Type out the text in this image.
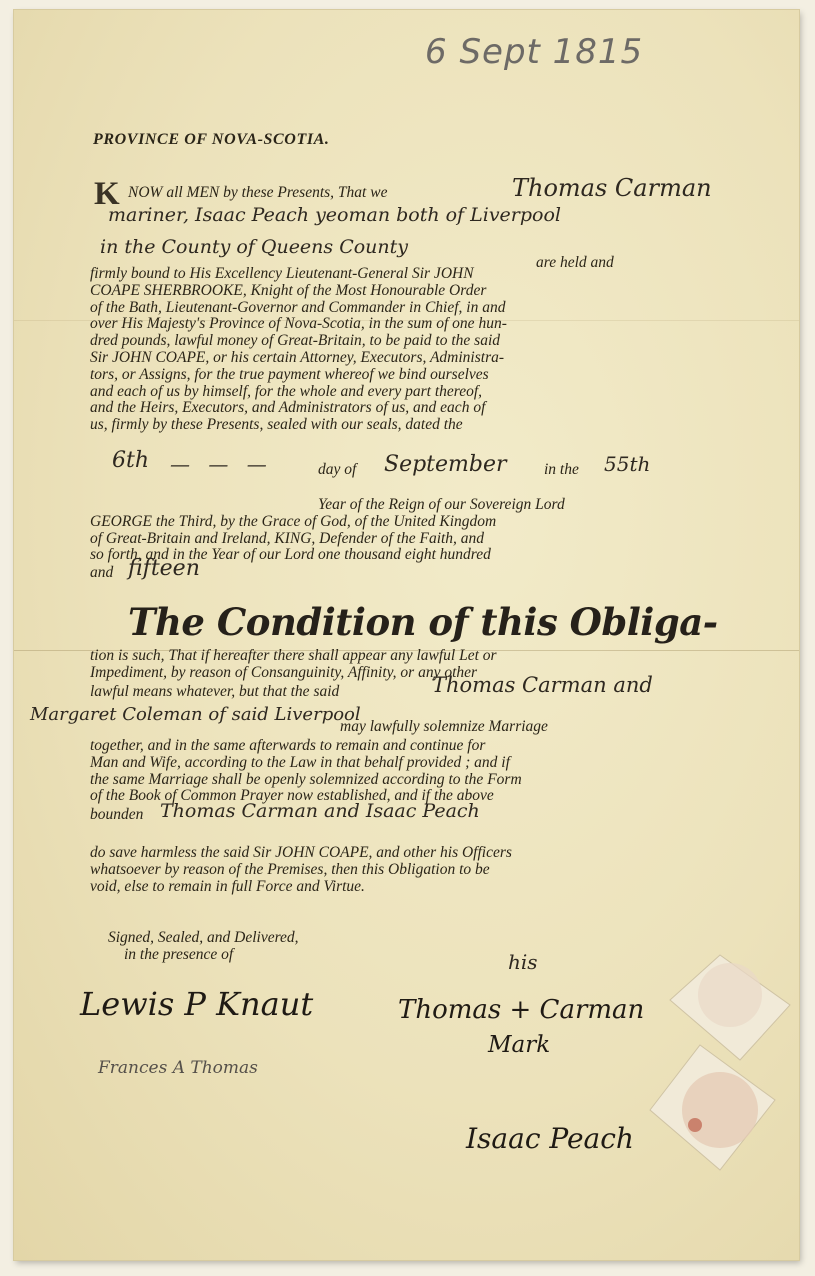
6 Sept 1815
PROVINCE OF NOVA-SCOTIA.
K NOW all MEN by these Presents, That we	Thomas Carman
mariner, Isaac Peach yeoman both of Liverpool
in the County of Queens County
are held and
firmly bound to His Excellency Lieutenant-General Sir JOHN
COAPE SHERBROOKE, Knight of the Most Honourable Order
of the Bath, Lieutenant-Governor and Commander in Chief, in and
over His Majesty's Province of Nova-Scotia, in the sum of one hun-
dred pounds, lawful money of Great-Britain, to be paid to the said
Sir JOHN COAPE, or his certain Attorney, Executors, Administra-
tors, or Assigns, for the true payment whereof we bind ourselves
and each of us by himself, for the whole and every part thereof,
and the Heirs, Executors, and Administrators of us, and each of
us, firmly by these Presents, sealed with our seals, dated the
6th — — —	day of September in the 55th
Year of the Reign of our Sovereign Lord
GEORGE the Third, by the Grace of God, of the United Kingdom
of Great-Britain and Ireland, KING, Defender of the Faith, and
so forth, and in the Year of our Lord one thousand eight hundred
and fifteen
The Condition of this Obliga-
tion is such, That if hereafter there shall appear any lawful Let or
Impediment, by reason of Consanguinity, Affinity, or any other
lawful means whatever, but that the said	Thomas Carman and
Margaret Coleman of said Liverpool
may lawfully solemnize Marriage
together, and in the same afterwards to remain and continue for
Man and Wife, according to the Law in that behalf provided ; and if
the same Marriage shall be openly solemnized according to the Form
of the Book of Common Prayer now established, and if the above
bounden Thomas Carman and Isaac Peach
do save harmless the said Sir JOHN COAPE, and other his Officers
whatsoever by reason of the Premises, then this Obligation to be
void, else to remain in full Force and Virtue.
Signed, Sealed, and Delivered,
in the presence of	his
Lewis P Knaut	Thomas + Carman
Mark
Frances A Thomas
Isaac Peach
